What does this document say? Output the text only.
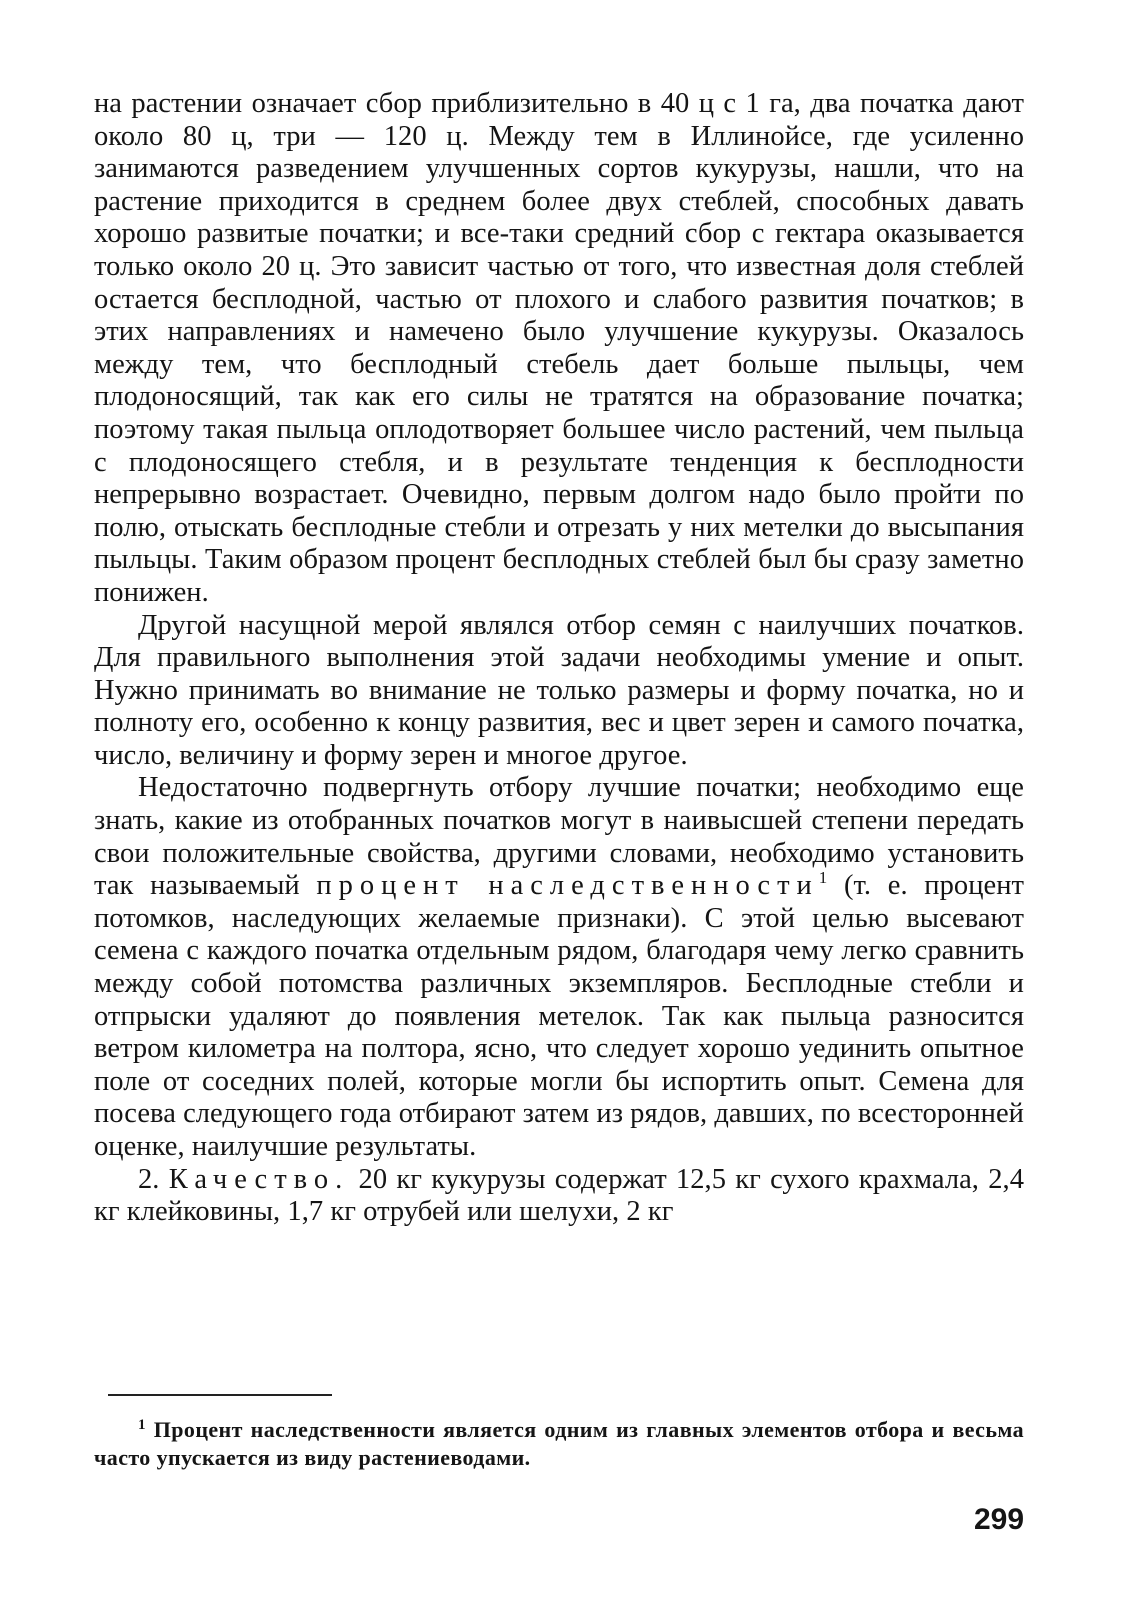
на растении означает сбор приблизительно в 40 ц с 1 га, два початка дают около 80 ц, три — 120 ц. Между тем в Иллинойсе, где усиленно занимаются разведением улучшенных сортов кукурузы, нашли, что на растение приходится в среднем более двух стеблей, способных давать хорошо развитые початки; и все-таки средний сбор с гектара оказывается только около 20 ц. Это зависит частью от того, что известная доля стеблей остается бесплодной, частью от плохого и слабого развития початков; в этих направлениях и намечено было улучшение кукурузы. Оказалось между тем, что бесплодный стебель дает больше пыльцы, чем плодоносящий, так как его силы не тратятся на образование початка; поэтому такая пыльца оплодотворяет большее число растений, чем пыльца с плодоносящего стебля, и в результате тенденция к бесплодности непрерывно возрастает. Очевидно, первым долгом надо было пройти по полю, отыскать бесплодные стебли и отрезать у них метелки до высыпания пыльцы. Таким образом процент бесплодных стеблей был бы сразу заметно понижен.

Другой насущной мерой являлся отбор семян с наилучших початков. Для правильного выполнения этой задачи необходимы умение и опыт. Нужно принимать во внимание не только размеры и форму початка, но и полноту его, особенно к концу развития, вес и цвет зерен и самого початка, число, величину и форму зерен и многое другое.

Недостаточно подвергнуть отбору лучшие початки; необходимо еще знать, какие из отобранных початков могут в наивысшей степени передать свои положительные свойства, другими словами, необходимо установить так называемый процент наследственности$^1$ (т. е. процент потомков, наследующих желаемые признаки). С этой целью высевают семена с каждого початка отдельным рядом, благодаря чему легко сравнить между собой потомства различных экземпляров. Бесплодные стебли и отпрыски удаляют до появления метелок. Так как пыльца разносится ветром километра на полтора, ясно, что следует хорошо уединить опытное поле от соседних полей, которые могли бы испортить опыт. Семена для посева следующего года отбирают затем из рядов, давших, по всесторонней оценке, наилучшие результаты.

2. Качество. 20 кг кукурузы содержат 12,5 кг сухого крахмала, 2,4 кг клейковины, 1,7 кг отрубей или шелухи, 2 кг

$^1$ Процент наследственности является одним из главных элементов отбора и весьма часто упускается из виду растениеводами.

299
